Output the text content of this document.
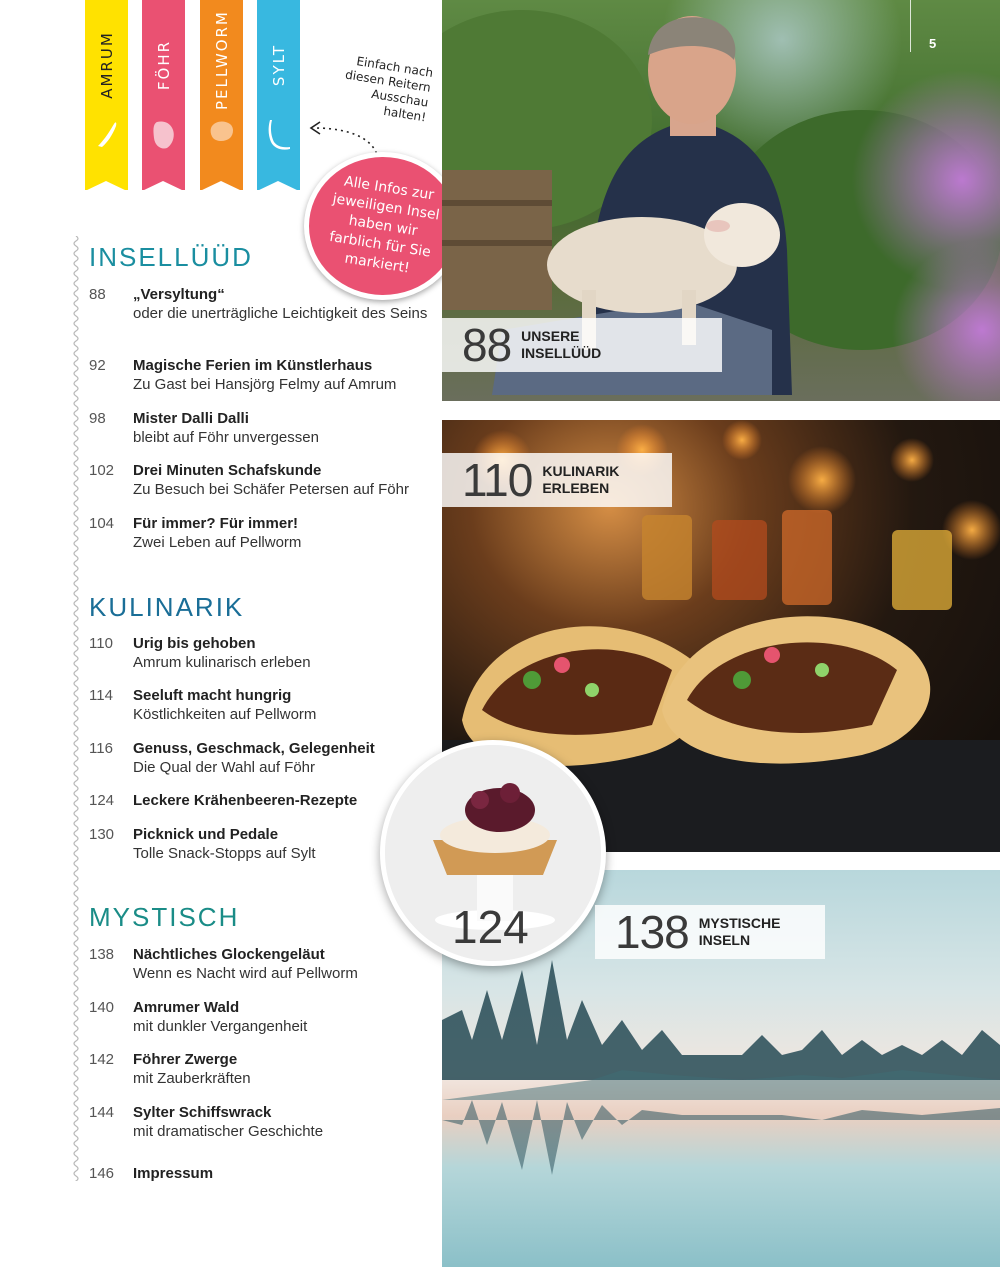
AMRUM	FÖHR	PELLWORM	SYLT	Einfach nach diesen Reitern Ausschau halten!
Alle Infos zur jeweiligen Insel haben wir farblich für Sie markiert!
INSELLÜÜD
88 „Versyltung“
oder die unerträgliche Leichtigkeit des Seins
92 Magische Ferien im Künstlerhaus
Zu Gast bei Hansjörg Felmy auf Amrum
98 Mister Dalli Dalli
bleibt auf Föhr unvergessen
102 Drei Minuten Schafskunde
Zu Besuch bei Schäfer Petersen auf Föhr
104 Für immer? Für immer!
Zwei Leben auf Pellworm
KULINARIK
110 Urig bis gehoben
Amrum kulinarisch erleben
114 Seeluft macht hungrig
Köstlichkeiten auf Pellworm
116 Genuss, Geschmack, Gelegenheit
Die Qual der Wahl auf Föhr
124 Leckere Krähenbeeren-Rezepte
130 Picknick und Pedale
Tolle Snack-Stopps auf Sylt
MYSTISCH
138 Nächtliches Glockengeläut
Wenn es Nacht wird auf Pellworm
140 Amrumer Wald
mit dunkler Vergangenheit
142 Föhrer Zwerge
mit Zauberkräften
144 Sylter Schiffswrack
mit dramatischer Geschichte
146 Impressum
5
88 UNSERE INSELLÜÜD
110 KULINARIK ERLEBEN
124 138 MYSTISCHE INSELN
